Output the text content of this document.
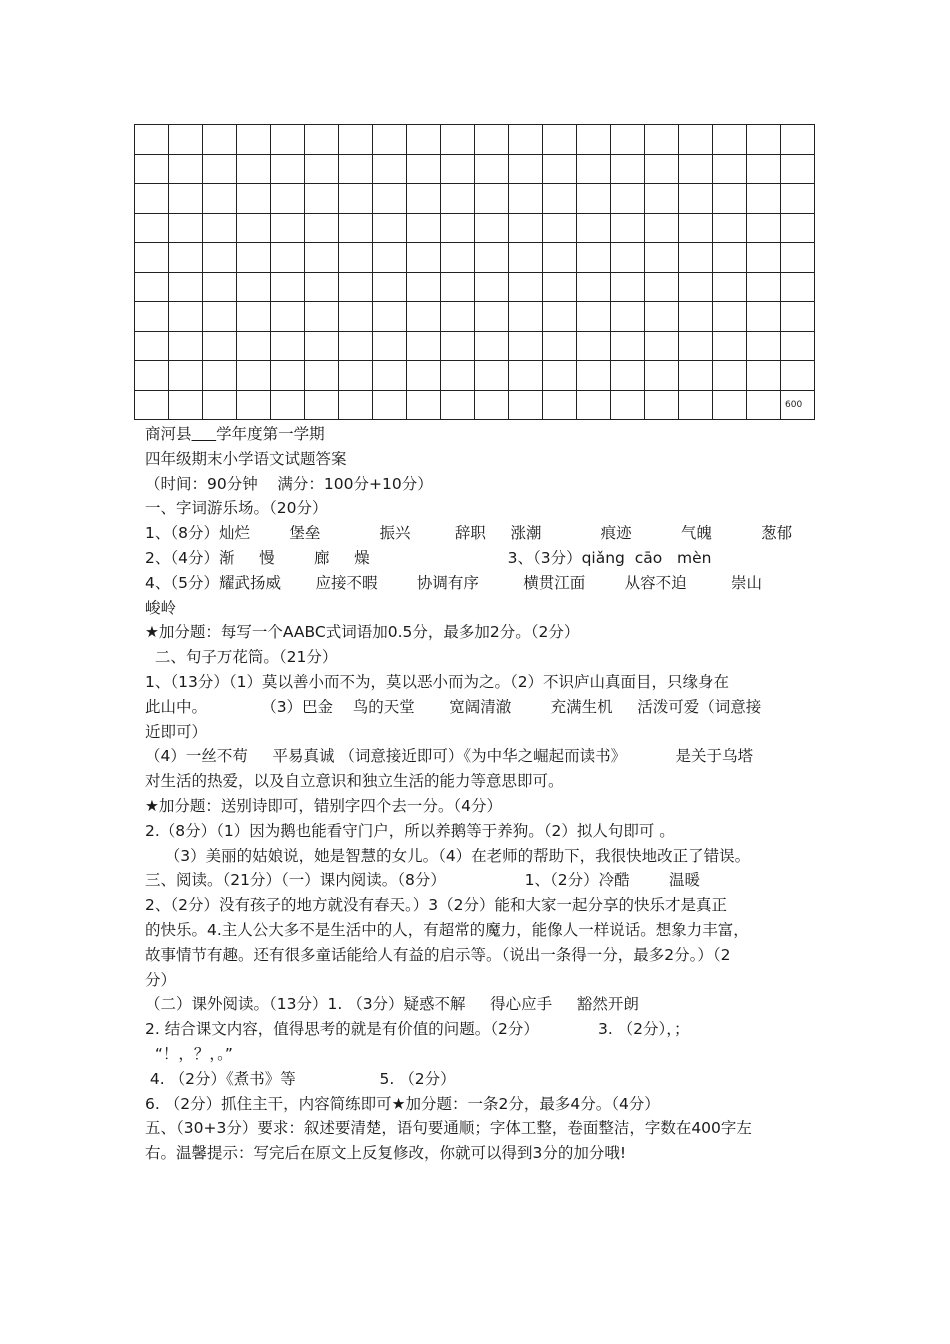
600
商河县 学年度第一学期
四年级期末小学语文试题答案
（时间：90分钟    满分：100分+10分）
一、字词游乐场。（20分）
1、（8分）灿烂        堡垒            振兴         辞职     涨潮            痕迹          气魄          葱郁
2、（4分）渐     慢        廊     燥                            3、（3分）qiǎng  cāo   mèn
4、（5分）耀武扬威       应接不暇        协调有序         横贯江面        从容不迫         崇山
峻岭
★加分题：每写一个AABC式词语加0.5分，最多加2分。（2分）
二、句子万花筒。（21分）
1、（13分）（1）莫以善小而不为，莫以恶小而为之。（2）不识庐山真面目，只缘身在
此山中。           （3）巴金    鸟的天堂       宽阔清澈        充满生机     活泼可爱（词意接
近即可）
（4）一丝不苟     平易真诚 （词意接近即可）《为中华之崛起而读书》          是关于乌塔
对生活的热爱，以及自立意识和独立生活的能力等意思即可。
★加分题：送别诗即可，错别字四个去一分。（4分）
2.（8分）（1）因为鹅也能看守门户，所以养鹅等于养狗。（2）拟人句即可 。
（3）美丽的姑娘说，她是智慧的女儿。（4）在老师的帮助下，我很快地改正了错误。
三、阅读。（21分）（一）课内阅读。（8分）                1、（2分）冷酷        温暖
2、（2分）没有孩子的地方就没有春天。）3（2分）能和大家一起分享的快乐才是真正
的快乐。4.主人公大多不是生活中的人，有超常的魔力，能像人一样说话。想象力丰富，
故事情节有趣。还有很多童话能给人有益的启示等。（说出一条得一分，最多2分。）（2
分）
（二）课外阅读。（13分）1. （3分）疑惑不解     得心应手     豁然开朗
2. 结合课文内容，值得思考的就是有价值的问题。（2分）            3. （2分），；
“！，？，。”
4. （2分）《煮书》等                 5. （2分）
6. （2分）抓住主干，内容简练即可★加分题：一条2分，最多4分。（4分）
五、（30+3分）要求：叙述要清楚，语句要通顺；字体工整，卷面整洁，字数在400字左
右。温馨提示：写完后在原文上反复修改，你就可以得到3分的加分哦!
